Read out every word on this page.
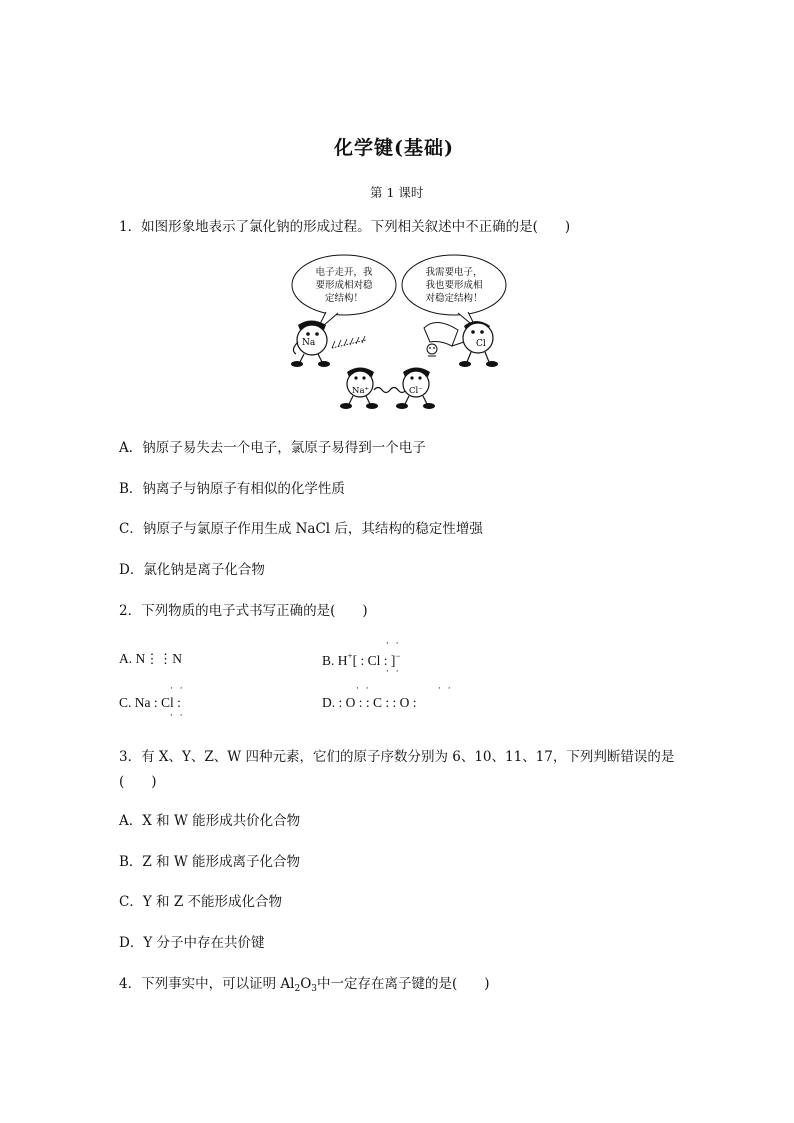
化学键(基础)
第 1 课时
1．如图形象地表示了氯化钠的形成过程。下列相关叙述中不正确的是(　　)
电子走开，我
要形成相对稳
定结构！
我需要电子，
我也要形成相
对稳定结构！
Na	Cl
Na⁺	Cl⁻
A．钠原子易失去一个电子，氯原子易得到一个电子
B．钠离子与钠原子有相似的化学性质
C．钠原子与氯原子作用生成 NaCl 后，其结构的稳定性增强
D．氯化钠是离子化合物
2．下列物质的电子式书写正确的是(　　)
A. N⋮⋮N	B. H+[ : Cl : ]−
· ·
· ·
C. Na : Cl :
· ·
· ·
D. : O : : C : : O :
· ·	· ·
3．有 X、Y、Z、W 四种元素，它们的原子序数分别为 6、10、11、17，下列判断错误的是
(　　)
A．X 和 W 能形成共价化合物
B．Z 和 W 能形成离子化合物
C．Y 和 Z 不能形成化合物
D．Y 分子中存在共价键
4．下列事实中，可以证明 $Al_2O_3$中一定存在离子键的是(　　)
